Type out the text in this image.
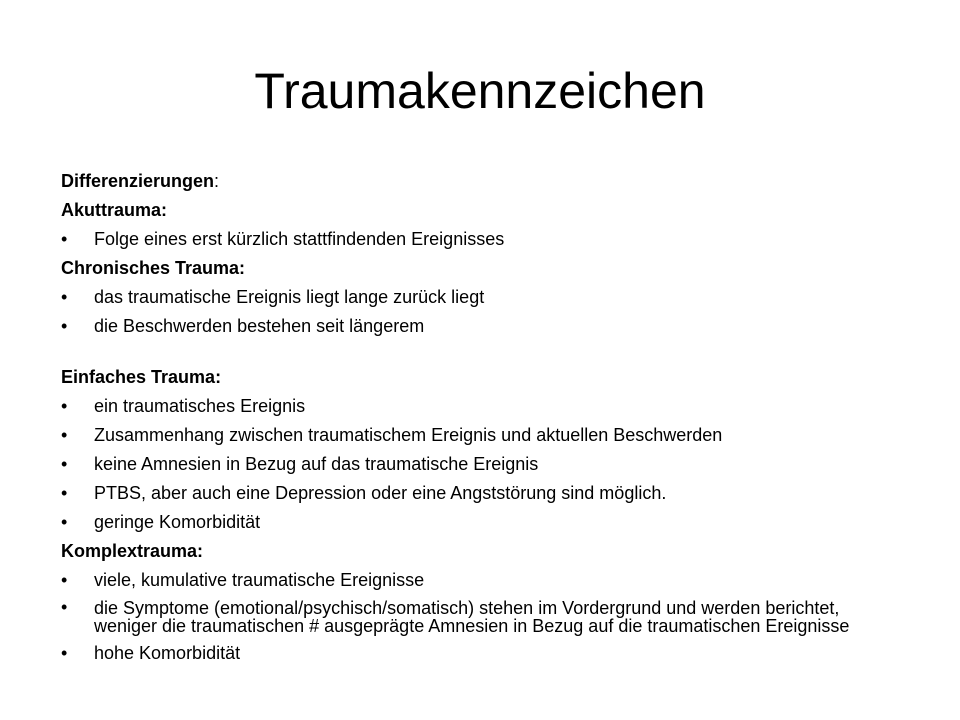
Traumakennzeichen
Differenzierungen:
Akuttrauma:
• Folge eines erst kürzlich stattfindenden Ereignisses
Chronisches Trauma:
• das traumatische Ereignis liegt lange zurück liegt
• die Beschwerden bestehen seit längerem
Einfaches Trauma:
• ein traumatisches Ereignis
• Zusammenhang zwischen traumatischem Ereignis und aktuellen Beschwerden
• keine Amnesien in Bezug auf das traumatische Ereignis
• PTBS, aber auch eine Depression oder eine Angststörung sind möglich.
• geringe Komorbidität
Komplextrauma:
• viele, kumulative traumatische Ereignisse
• die Symptome (emotional/psychisch/somatisch) stehen im Vordergrund und werden berichtet, weniger die traumatischen # ausgeprägte Amnesien in Bezug auf die traumatischen Ereignisse
• hohe Komorbidität
